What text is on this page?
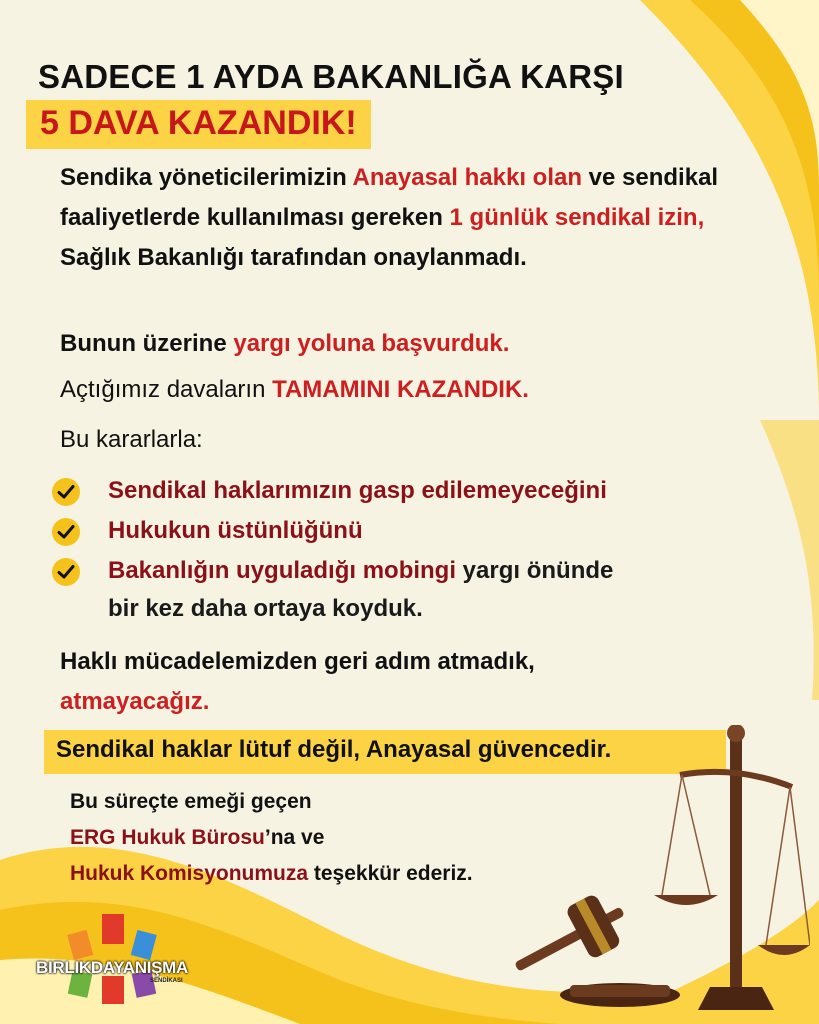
SADECE 1 AYDA BAKANLIĞA KARŞI
5 DAVA KAZANDIK!
Sendika yöneticilerimizin Anayasal hakkı olan ve sendikal faaliyetlerde kullanılması gereken 1 günlük sendikal izin, Sağlık Bakanlığı tarafından onaylanmadı.
Bunun üzerine yargı yoluna başvurduk.
Açtığımız davaların TAMAMINI KAZANDIK.
Bu kararlarla:
Sendikal haklarımızın gasp edilemeyeceğini
Hukukun üstünlüğünü
Bakanlığın uyguladığı mobingi yargı önünde
bir kez daha ortaya koyduk.
Haklı mücadelemizden geri adım atmadık,
atmayacağız.
Sendikal haklar lütuf değil, Anayasal güvencedir.
Bu süreçte emeği geçen
ERG Hukuk Bürosu’na ve
Hukuk Komisyonumuza teşekkür ederiz.
BIRLIKDAYANIŞMA
SENDİKASI
